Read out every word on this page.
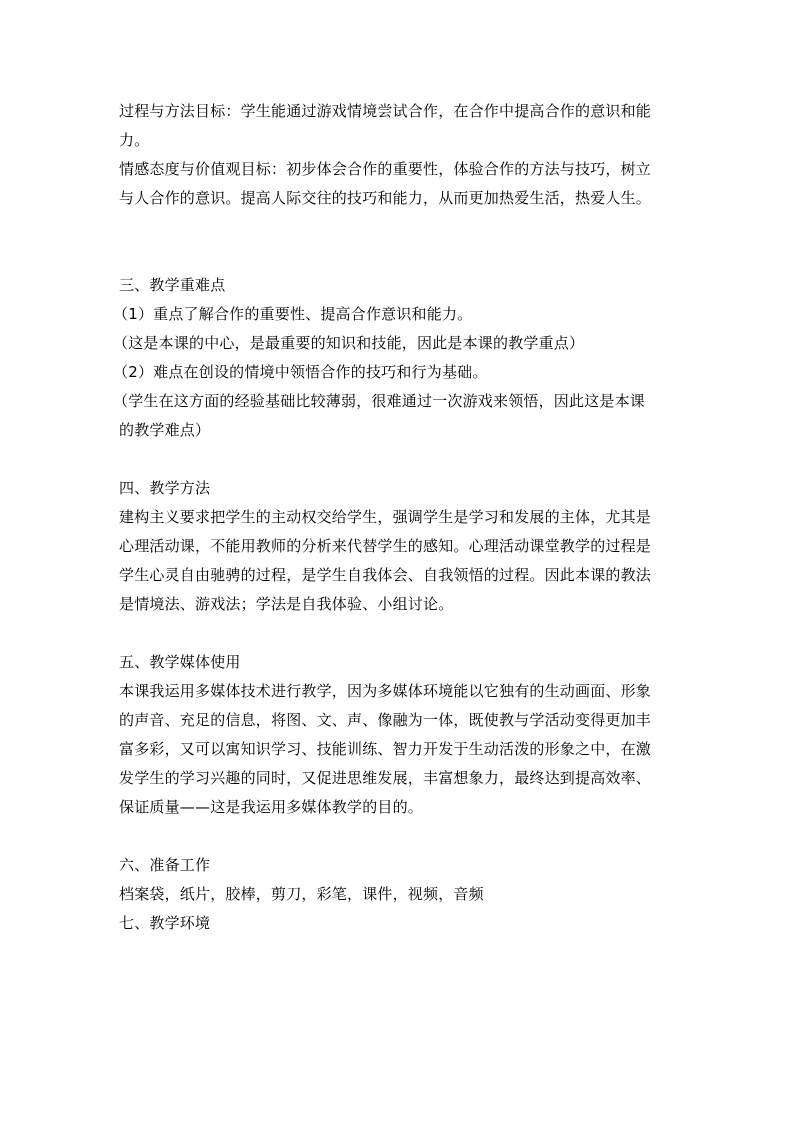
过程与方法目标：学生能通过游戏情境尝试合作，在合作中提高合作的意识和能
力。
情感态度与价值观目标：初步体会合作的重要性，体验合作的方法与技巧，树立
与人合作的意识。提高人际交往的技巧和能力，从而更加热爱生活，热爱人生。
三、教学重难点
（1）重点了解合作的重要性、提高合作意识和能力。
（这是本课的中心，是最重要的知识和技能，因此是本课的教学重点）
（2）难点在创设的情境中领悟合作的技巧和行为基础。
（学生在这方面的经验基础比较薄弱，很难通过一次游戏来领悟，因此这是本课
的教学难点）
四、教学方法
建构主义要求把学生的主动权交给学生，强调学生是学习和发展的主体，尤其是
心理活动课，不能用教师的分析来代替学生的感知。心理活动课堂教学的过程是
学生心灵自由驰骋的过程，是学生自我体会、自我领悟的过程。因此本课的教法
是情境法、游戏法；学法是自我体验、小组讨论。
五、教学媒体使用
本课我运用多媒体技术进行教学，因为多媒体环境能以它独有的生动画面、形象
的声音、充足的信息，将图、文、声、像融为一体，既使教与学活动变得更加丰
富多彩，又可以寓知识学习、技能训练、智力开发于生动活泼的形象之中，在激
发学生的学习兴趣的同时，又促进思维发展，丰富想象力，最终达到提高效率、
保证质量——这是我运用多媒体教学的目的。
六、准备工作
档案袋，纸片，胶棒，剪刀，彩笔，课件，视频，音频
七、教学环境
